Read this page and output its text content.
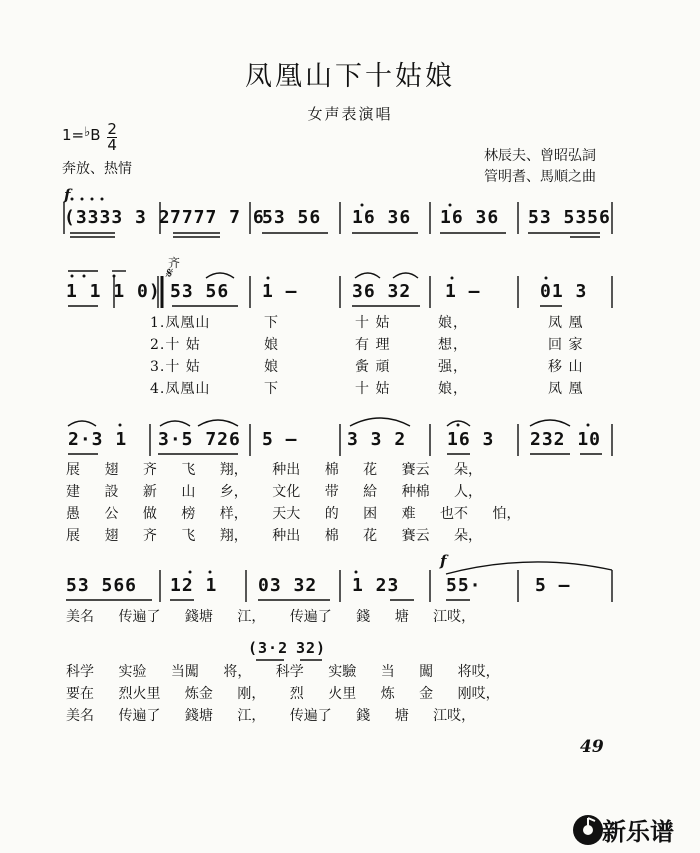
凤凰山下十姑娘
女声表演唱
1=♭B $\frac{2}{4}$
奔放、热情
林辰夫、曾昭弘詞
管明耆、馬順之曲
f
(3333 3 2 7777 7 6
53 56 16 36 16 36 53 5356
齐
𝄋
1 1 1 0) 53 56 1 —	36 32 1 —	01 3
1.凤凰山	下	十 姑	娘，	凤 凰
2.十 姑	娘	有 理	想，	回 家
3.十 姑	娘	夤 頑	强，	移 山
4.凤凰山	下	十 姑	娘，	凤 凰
2·3 1 3·5 726 5 —	3 3 2 16 3 232 10
展 翅 齐 飞 翔， 种出 棉 花 賽云 朵，
建 設 新 山 乡， 文化 带 給 种棉 人，
愚 公 做 榜 样， 天大 的 困 难 也不 怕，
展 翅 齐 飞 翔， 种出 棉 花 賽云 朵，
f
53 566 12 1 03 32 1 23	55·	5 —
美名 传遍了 錢塘 江， 传遍了 錢 塘 江哎，
(3·2 32)
科学 实验 当闖 将， 科学 实驗 当 闖 将哎，
要在 烈火里 炼金 刚， 烈 火里 炼 金 刚哎，
美名 传遍了 錢塘 江， 传遍了 錢 塘 江哎，
49
新乐谱
